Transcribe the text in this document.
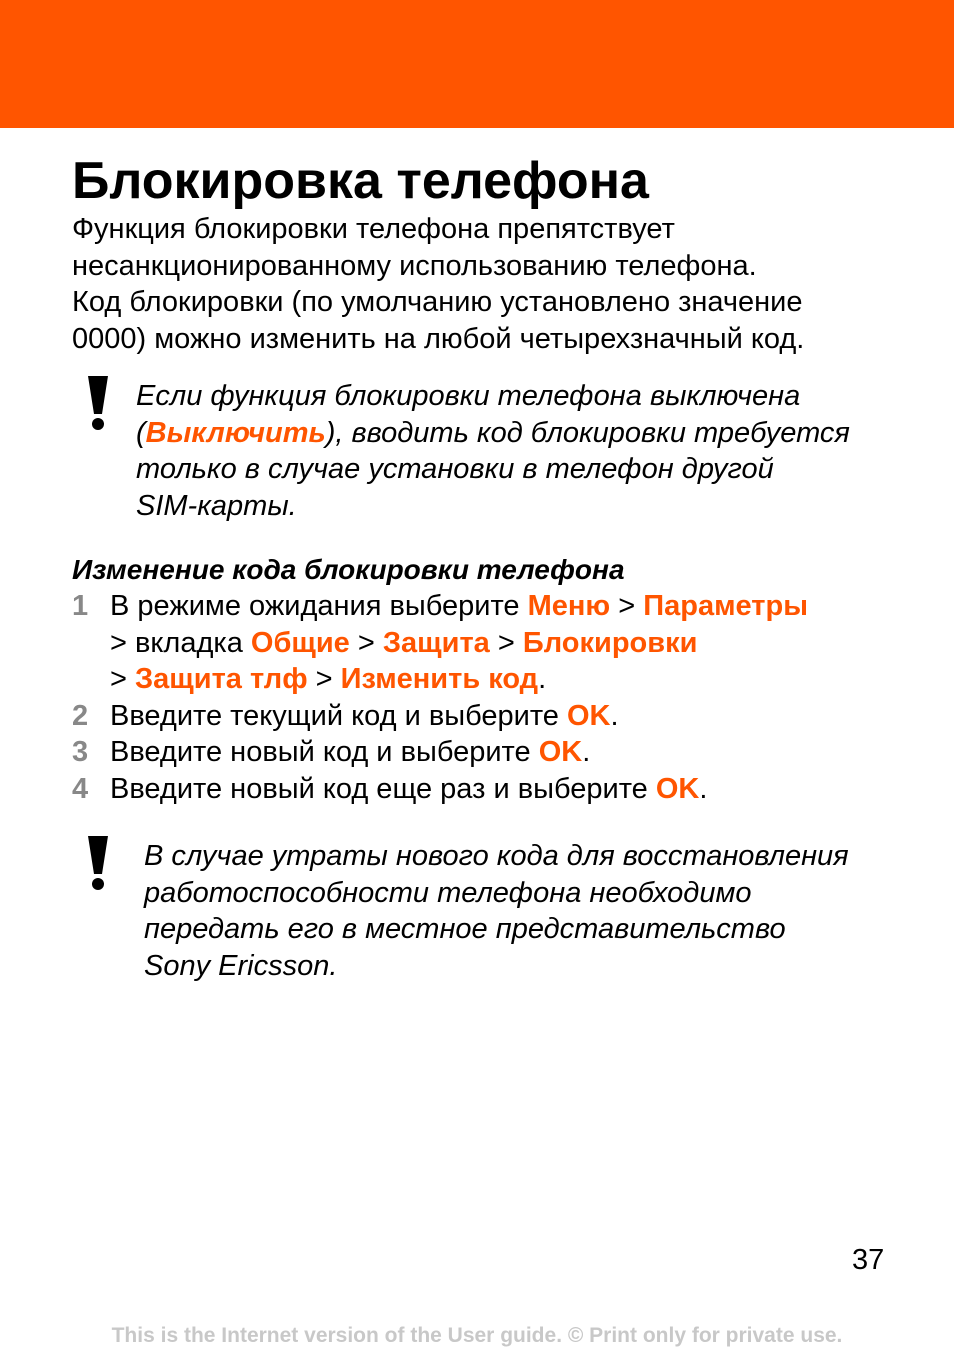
Блокировка телефона
Функция блокировки телефона препятствует
несанкционированному использованию телефона.
Код блокировки (по умолчанию установлено значение
0000) можно изменить на любой четырехзначный код.
Если функция блокировки телефона выключена
(Выключить), вводить код блокировки требуется
только в случае установки в телефон другой
SIM-карты.
Изменение кода блокировки телефона
1 В режиме ожидания выберите Меню > Параметры
> вкладка Общие > Защита > Блокировки
> Защита тлф > Изменить код.
2 Введите текущий код и выберите OK.
3 Введите новый код и выберите OK.
4 Введите новый код еще раз и выберите OK.
В случае утраты нового кода для восстановления
работоспособности телефона необходимо
передать его в местное представительство
Sony Ericsson.
37
This is the Internet version of the User guide. © Print only for private use.
